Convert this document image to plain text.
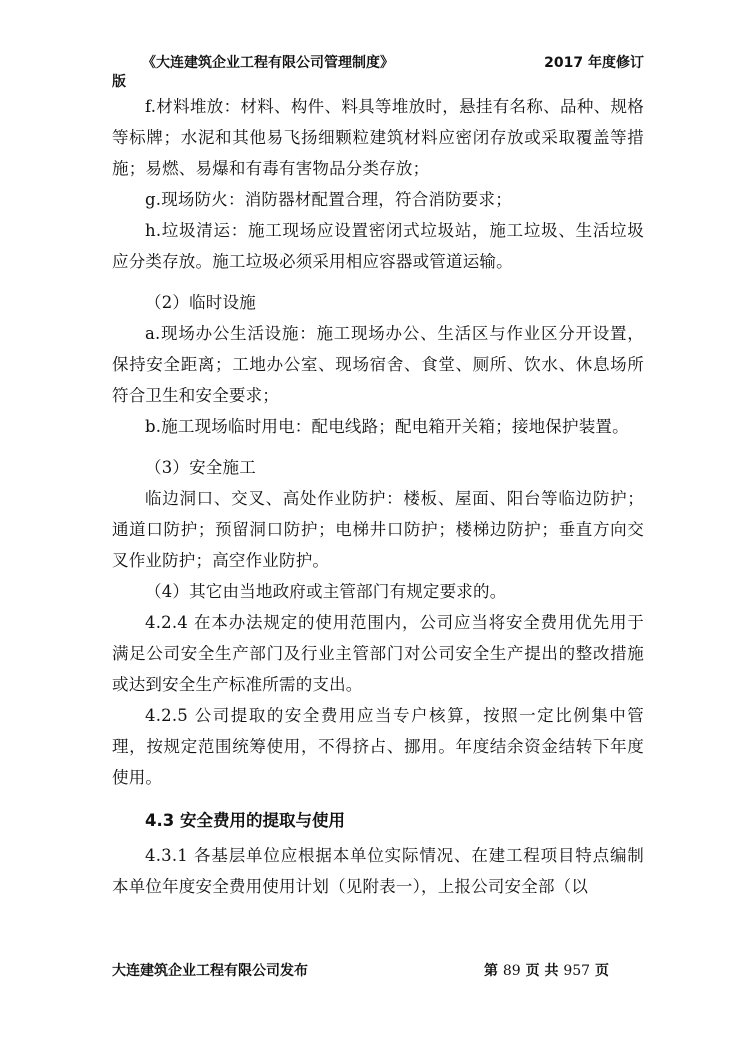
《大连建筑企业工程有限公司管理制度》	2017 年度修订
版

f.材料堆放：材料、构件、料具等堆放时，悬挂有名称、品种、规格等标牌；水泥和其他易飞扬细颗粒建筑材料应密闭存放或采取覆盖等措施；易燃、易爆和有毒有害物品分类存放；

g.现场防火：消防器材配置合理，符合消防要求；

h.垃圾清运：施工现场应设置密闭式垃圾站，施工垃圾、生活垃圾应分类存放。施工垃圾必须采用相应容器或管道运输。

（2）临时设施

a.现场办公生活设施：施工现场办公、生活区与作业区分开设置，保持安全距离；工地办公室、现场宿舍、食堂、厕所、饮水、休息场所符合卫生和安全要求；

b.施工现场临时用电：配电线路；配电箱开关箱；接地保护装置。

（3）安全施工

临边洞口、交叉、高处作业防护：楼板、屋面、阳台等临边防护；通道口防护；预留洞口防护；电梯井口防护；楼梯边防护；垂直方向交叉作业防护；高空作业防护。

（4）其它由当地政府或主管部门有规定要求的。

4.2.4 在本办法规定的使用范围内，公司应当将安全费用优先用于满足公司安全生产部门及行业主管部门对公司安全生产提出的整改措施或达到安全生产标准所需的支出。

4.2.5 公司提取的安全费用应当专户核算，按照一定比例集中管理，按规定范围统筹使用，不得挤占、挪用。年度结余资金结转下年度使用。

4.3 安全费用的提取与使用

4.3.1 各基层单位应根据本单位实际情况、在建工程项目特点编制本单位年度安全费用使用计划（见附表一），上报公司安全部（以

大连建筑企业工程有限公司发布	第 89 页 共 957 页
